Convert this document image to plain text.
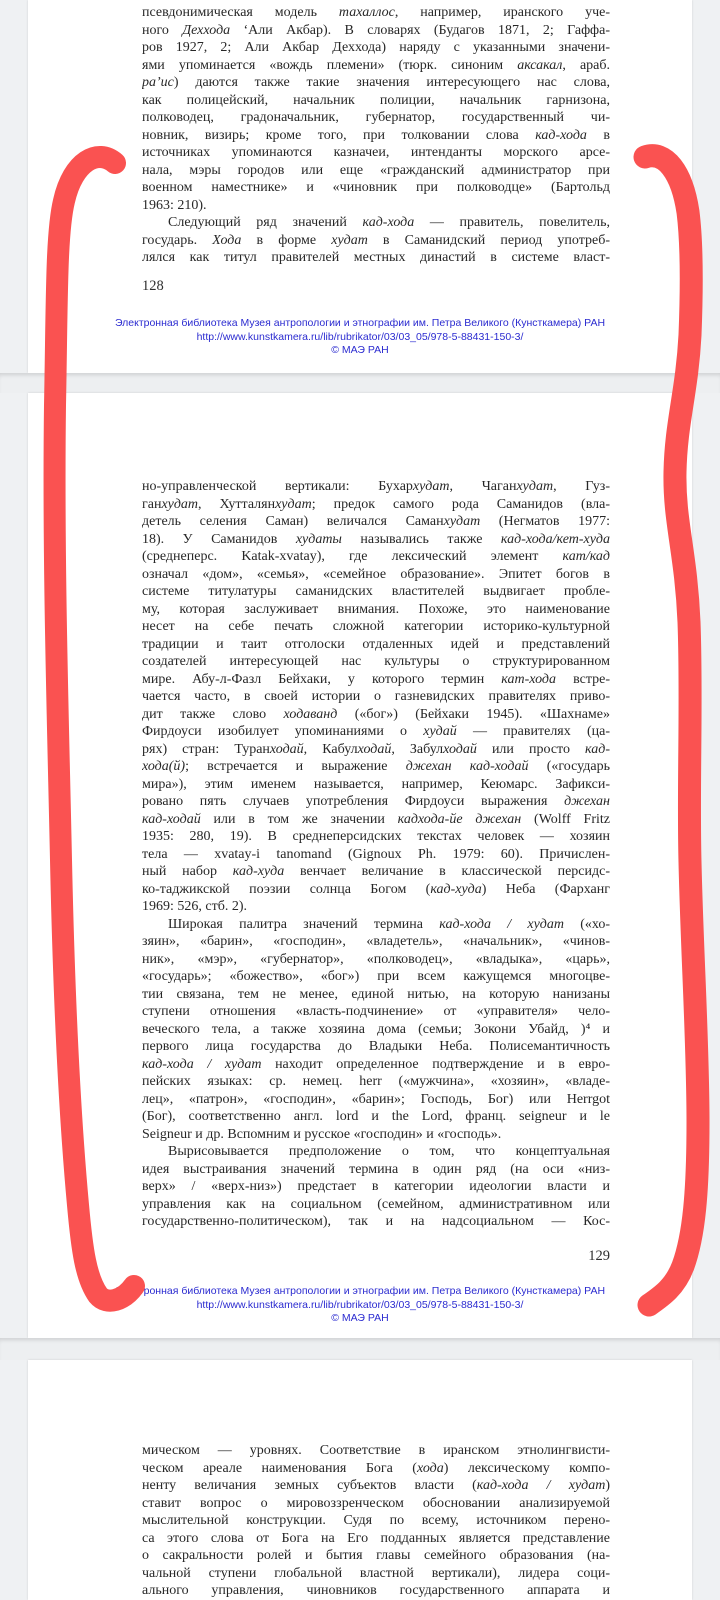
псевдонимическая модель тахаллос, например, иранского уче-
ного Деххода ‘Али Акбар). В словарях (Будагов 1871, 2; Гаффа-
ров 1927, 2; Али Акбар Деххода) наряду с указанными значени-
ями упоминается «вождь племени» (тюрк. синоним аксакал, араб.
ра’ис) даются также такие значения интересующего нас слова,
как полицейский, начальник полиции, начальник гарнизона,
полководец, градоначальник, губернатор, государственный чи-
новник, визирь; кроме того, при толковании слова кад-хода в
источниках упоминаются казначеи, интенданты морского арсе-
нала, мэры городов или еще «гражданский администратор при
военном наместнике» и «чиновник при полководце» (Бартольд
1963: 210).
Следующий ряд значений кад-хода — правитель, повелитель,
государь. Хода в форме худат в Саманидский период употреб-
лялся как титул правителей местных династий в системе власт-
128
Электронная библиотека Музея антропологии и этнографии им. Петра Великого (Кунсткамера) РАН
http://www.kunstkamera.ru/lib/rubrikator/03/03_05/978-5-88431-150-3/
© МАЭ РАН
но-управленческой вертикали: Бухархудат, Чаганхудат, Гуз-
ганхудат, Хутталянхудат; предок самого рода Саманидов (вла-
детель селения Саман) величался Саманхудат (Негматов 1977:
18). У Саманидов худаты назывались также кад-хода/кет-худа
(среднеперс. Katak-xvatay), где лексический элемент кат/кад
означал «дом», «семья», «семейное образование». Эпитет богов в
системе титулатуры саманидских властителей выдвигает пробле-
му, которая заслуживает внимания. Похоже, это наименование
несет на себе печать сложной категории историко-культурной
традиции и таит отголоски отдаленных идей и представлений
создателей интересующей нас культуры о структурированном
мире. Абу-л-Фазл Бейхаки, у которого термин кат-хода встре-
чается часто, в своей истории о газневидских правителях приво-
дит также слово ходаванд («бог») (Бейхаки 1945). «Шахнаме»
Фирдоуси изобилует упоминаниями о худай — правителях (ца-
рях) стран: Туранходай, Кабулходай, Забулходай или просто кад-
хода(й); встречается и выражение джехан кад-ходай («государь
мира»), этим именем называется, например, Кеюмарс. Зафикси-
ровано пять случаев употребления Фирдоуси выражения джехан
кад-ходай или в том же значении кадхода-йе джехан (Wolff Fritz
1935: 280, 19). В среднеперсидских текстах человек — хозяин
тела — xvatay-i tanomand (Gignoux Ph. 1979: 60). Причислен-
ный набор кад-худа венчает величание в классической персидс-
ко-таджикской поэзии солнца Богом (кад-худа) Неба (Фарханг
1969: 526, стб. 2).
Широкая палитра значений термина кад-хода / худат («хо-
зяин», «барин», «господин», «владетель», «начальник», «чинов-
ник», «мэр», «губернатор», «полководец», «владыка», «царь»,
«государь»; «божество», «бог») при всем кажущемся многоцве-
тии связана, тем не менее, единой нитью, на которую нанизаны
ступени отношения «власть-подчинение» от «управителя» чело-
веческого тела, а также хозяина дома (семьи; Зокони Убайд, )⁴ и
первого лица государства до Владыки Неба. Полисемантичность
кад-хода / худат находит определенное подтверждение и в евро-
пейских языках: ср. немец. herr («мужчина», «хозяин», «владе-
лец», «патрон», «господин», «барин»; Господь, Бог) или Herrgot
(Бог), соответственно англ. lord и the Lord, франц. seigneur и le
Seigneur и др. Вспомним и русское «господин» и «господь».
Вырисовывается предположение о том, что концептуальная
идея выстраивания значений термина в один ряд (на оси «низ-
верх» / «верх-низ») предстает в категории идеологии власти и
управления как на социальном (семейном, административном или
государственно-политическом), так и на надсоциальном — Кос-
129
Электронная библиотека Музея антропологии и этнографии им. Петра Великого (Кунсткамера) РАН
http://www.kunstkamera.ru/lib/rubrikator/03/03_05/978-5-88431-150-3/
© МАЭ РАН
мическом — уровнях. Соответствие в иранском этнолингвисти-
ческом ареале наименования Бога (хода) лексическому компо-
ненту величания земных субъектов власти (кад-хода / худат)
ставит вопрос о мировоззренческом обосновании анализируемой
мыслительной конструкции. Судя по всему, источником перено-
са этого слова от Бога на Его подданных является представление
о сакральности ролей и бытия главы семейного образования (на-
чальной ступени глобальной властной вертикали), лидера соци-
ального управления, чиновников государственного аппарата и
